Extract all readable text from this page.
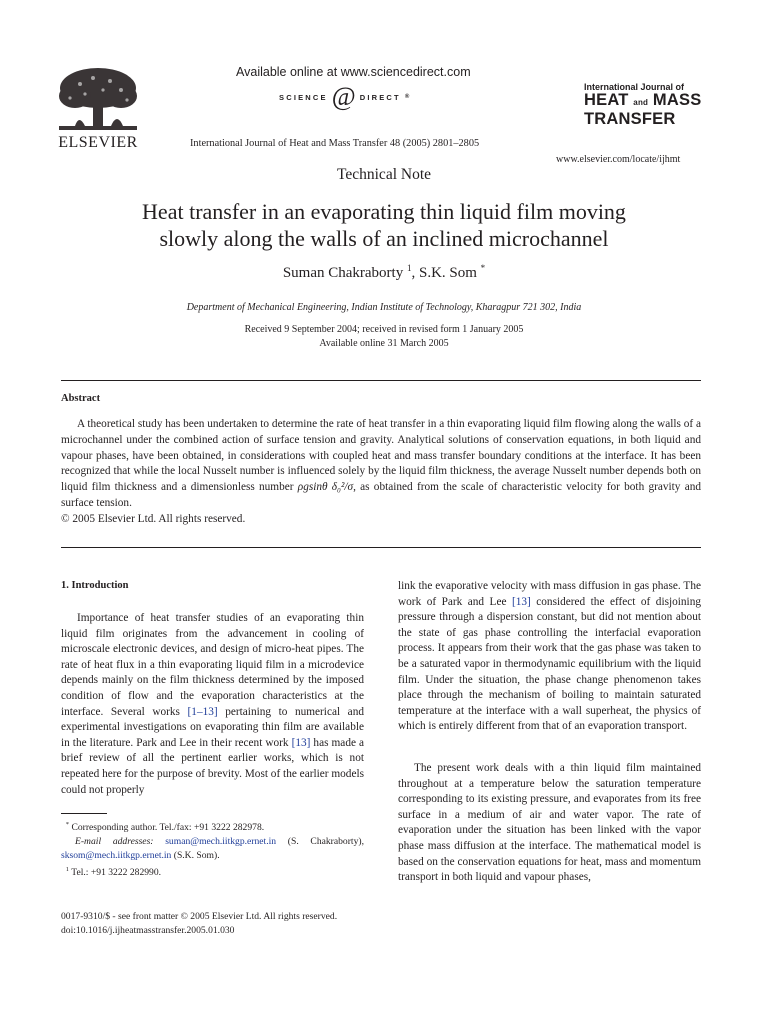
ELSEVIER
Available online at www.sciencedirect.com
SCIENCE @ DIRECT ®
International Journal of Heat and Mass Transfer 48 (2005) 2801–2805
International Journal of
HEAT and MASS
TRANSFER
www.elsevier.com/locate/ijhmt
Technical Note
Heat transfer in an evaporating thin liquid film moving
slowly along the walls of an inclined microchannel
Suman Chakraborty $^1$, S.K. Som *
Department of Mechanical Engineering, Indian Institute of Technology, Kharagpur 721 302, India
Received 9 September 2004; received in revised form 1 January 2005
Available online 31 March 2005
Abstract
A theoretical study has been undertaken to determine the rate of heat transfer in a thin evaporating liquid film flowing along the walls of a microchannel under the combined action of surface tension and gravity. Analytical solutions of conservation equations, in both liquid and vapour phases, have been obtained, in considerations with coupled heat and mass transfer boundary conditions at the interface. It has been recognized that while the local Nusselt number is influenced solely by the liquid film thickness, the average Nusselt number depends both on liquid film thickness and a dimensionless number ρgsinθ δ₀²/σ, as obtained from the scale of characteristic velocity for both gravity and surface tension.
© 2005 Elsevier Ltd. All rights reserved.
1. Introduction
Importance of heat transfer studies of an evaporating thin liquid film originates from the advancement in cooling of microscale electronic devices, and design of micro-heat pipes. The rate of heat flux in a thin evaporating liquid film in a microdevice depends mainly on the film thickness determined by the imposed condition of flow and the evaporation characteristics at the interface. Several works [1–13] pertaining to numerical and experimental investigations on evaporating thin film are available in the literature. Park and Lee in their recent work [13] has made a brief review of all the pertinent earlier works, which is not repeated here for the purpose of brevity. Most of the earlier models could not properly

* Corresponding author. Tel./fax: +91 3222 282978.

E-mail addresses: suman@mech.iitkgp.ernet.in (S. Chakraborty), sksom@mech.iitkgp.ernet.in (S.K. Som).

$^1$ Tel.: +91 3222 282990.

link the evaporative velocity with mass diffusion in gas phase. The work of Park and Lee [13] considered the effect of disjoining pressure through a dispersion constant, but did not mention about the state of gas phase controlling the interfacial evaporation process. It appears from their work that the gas phase was taken to be a saturated vapor in thermodynamic equilibrium with the liquid film. Under the situation, the phase change phenomenon takes place through the mechanism of boiling to maintain saturated temperature at the interface with a wall superheat, the physics of which is entirely different from that of an evaporation transport.
The present work deals with a thin liquid film maintained throughout at a temperature below the saturation temperature corresponding to its existing pressure, and evaporates from its free surface in a medium of air and water vapor. The rate of evaporation under the situation has been linked with the vapor phase mass diffusion at the interface. The mathematical model is based on the conservation equations for heat, mass and momentum transport in both liquid and vapour phases,
0017-9310/$ - see front matter © 2005 Elsevier Ltd. All rights reserved.
doi:10.1016/j.ijheatmasstransfer.2005.01.030
